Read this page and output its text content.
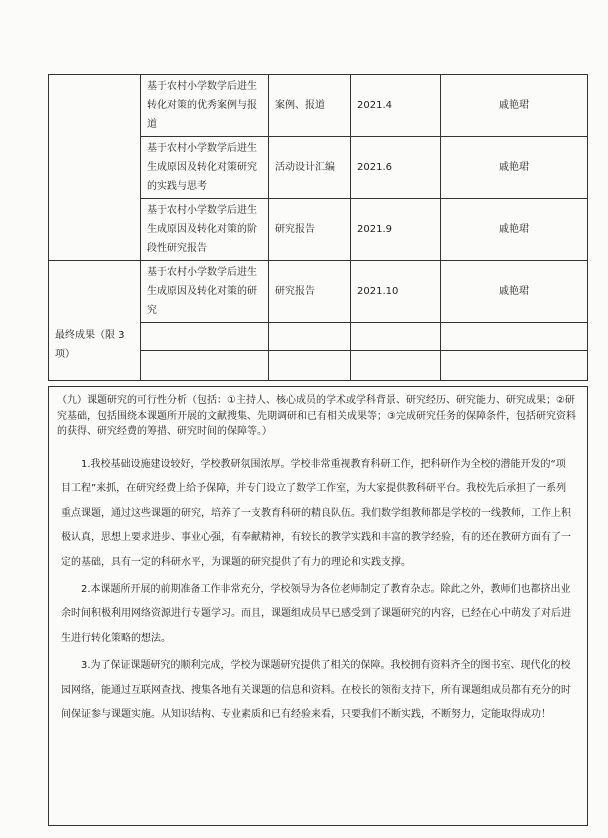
	基于农村小学数学后进生转化对策的优秀案例与报道	案例、报道	2021.4	戚艳珺
	基于农村小学数学后进生生成原因及转化对策研究的实践与思考	活动设计汇编	2021.6	戚艳珺
	基于农村小学数学后进生生成原因及转化对策的阶段性研究报告	研究报告	2021.9	戚艳珺
最终成果（限 3 项）	基于农村小学数学后进生生成原因及转化对策的研究	研究报告	2021.10	戚艳珺

（九）课题研究的可行性分析（包括：①主持人、核心成员的学术或学科背景、研究经历、研究能力、研究成果；②研究基础，包括围绕本课题所开展的文献搜集、先期调研和已有相关成果等；③完成研究任务的保障条件，包括研究资料的获得、研究经费的筹措、研究时间的保障等。）

1.我校基础设施建设较好，学校教研氛围浓厚。学校非常重视教育科研工作，把科研作为全校的潜能开发的“项目工程”来抓，在研究经费上给予保障，并专门设立了数学工作室，为大家提供教科研平台。我校先后承担了一系列重点课题，通过这些课题的研究，培养了一支教育科研的精良队伍。我们数学组教师都是学校的一线教师，工作上积极认真，思想上要求进步、事业心强，有奉献精神，有较长的教学实践和丰富的教学经验，有的还在教研方面有了一定的基础，具有一定的科研水平，为课题的研究提供了有力的理论和实践支撑。

2.本课题所开展的前期准备工作非常充分，学校领导为各位老师制定了教育杂志。除此之外，教师们也都挤出业余时间积极利用网络资源进行专题学习。而且，课题组成员早已感受到了课题研究的内容，已经在心中萌发了对后进生进行转化策略的想法。

3.为了保证课题研究的顺利完成，学校为课题研究提供了相关的保障。我校拥有资料齐全的图书室、现代化的校园网络，能通过互联网查找、搜集各地有关课题的信息和资料。在校长的领衔支持下，所有课题组成员都有充分的时间保证参与课题实施。从知识结构、专业素质和已有经验来看，只要我们不断实践，不断努力，定能取得成功！
